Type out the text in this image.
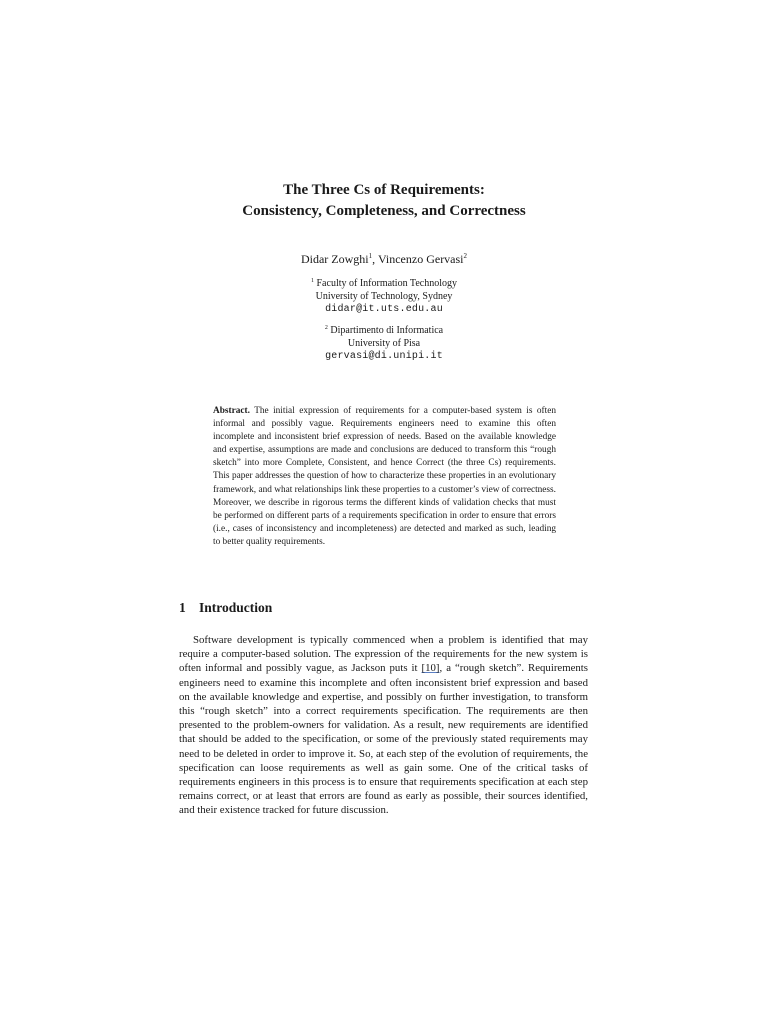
The Three Cs of Requirements:
Consistency, Completeness, and Correctness
Didar Zowghi$^1$, Vincenzo Gervasi$^2$
$^1$ Faculty of Information Technology
University of Technology, Sydney
didar@it.uts.edu.au
$^2$ Dipartimento di Informatica
University of Pisa
gervasi@di.unipi.it

Abstract. The initial expression of requirements for a computer-based system is often informal and possibly vague. Requirements engineers need to examine this often incomplete and inconsistent brief expression of needs. Based on the available knowledge and expertise, assumptions are made and conclusions are deduced to transform this “rough sketch” into more Complete, Consistent, and hence Correct (the three Cs) requirements. This paper addresses the question of how to characterize these properties in an evolutionary framework, and what relationships link these properties to a customer’s view of correctness. Moreover, we describe in rigorous terms the different kinds of validation checks that must be performed on different parts of a requirements specification in order to ensure that errors (i.e., cases of inconsistency and incompleteness) are detected and marked as such, leading to better quality requirements.

1 Introduction

Software development is typically commenced when a problem is identified that may require a computer-based solution. The expression of the requirements for the new system is often informal and possibly vague, as Jackson puts it [10], a “rough sketch”. Requirements engineers need to examine this incomplete and often inconsistent brief expression and based on the available knowledge and expertise, and possibly on further investigation, to transform this “rough sketch” into a correct requirements specification. The requirements are then presented to the problem-owners for validation. As a result, new requirements are identified that should be added to the specification, or some of the previously stated requirements may need to be deleted in order to improve it. So, at each step of the evolution of requirements, the specification can loose requirements as well as gain some. One of the critical tasks of requirements engineers in this process is to ensure that requirements specification at each step remains correct, or at least that errors are found as early as possible, their sources identified, and their existence tracked for future discussion.
